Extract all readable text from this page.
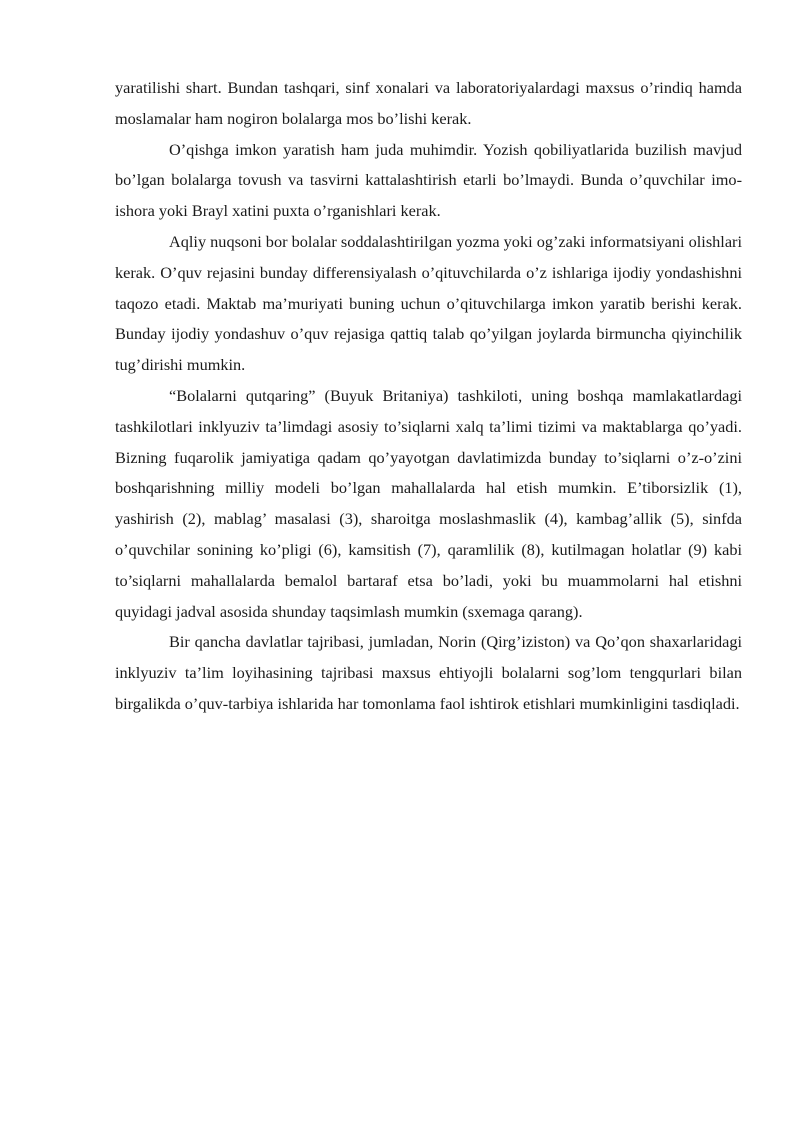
yaratilishi shart. Bundan tashqari, sinf xonalari va laboratoriyalardagi maxsus o’rindiq hamda moslamalar ham nogiron bolalarga mos bo’lishi kerak.

O’qishga imkon yaratish ham juda muhimdir. Yozish qobiliyatlarida buzilish mavjud bo’lgan bolalarga tovush va tasvirni kattalashtirish etarli bo’lmaydi. Bunda o’quvchilar imo-ishora yoki Brayl xatini puxta o’rganishlari kerak.

Aqliy nuqsoni bor bolalar soddalashtirilgan yozma yoki og’zaki informatsiyani olishlari kerak. O’quv rejasini bunday differensiyalash o’qituvchilarda o’z ishlariga ijodiy yondashishni taqozo etadi. Maktab ma’muriyati buning uchun o’qituvchilarga imkon yaratib berishi kerak. Bunday ijodiy yondashuv o’quv rejasiga qattiq talab qo’yilgan joylarda birmuncha qiyinchilik tug’dirishi mumkin.

“Bolalarni qutqaring” (Buyuk Britaniya) tashkiloti, uning boshqa mamlakatlardagi tashkilotlari inklyuziv ta’limdagi asosiy to’siqlarni xalq ta’limi tizimi va maktablarga qo’yadi. Bizning fuqarolik jamiyatiga qadam qo’yayotgan davlatimizda bunday to’siqlarni o’z-o’zini boshqarishning milliy modeli bo’lgan mahallalarda hal etish mumkin. E’tiborsizlik (1), yashirish (2), mablag’ masalasi (3), sharoitga moslashmaslik (4), kambag’allik (5), sinfda o’quvchilar sonining ko’pligi (6), kamsitish (7), qaramlilik (8), kutilmagan holatlar (9) kabi to’siqlarni mahallalarda bemalol bartaraf etsa bo’ladi, yoki bu muammolarni hal etishni quyidagi jadval asosida shunday taqsimlash mumkin (sxemaga qarang).

Bir qancha davlatlar tajribasi, jumladan, Norin (Qirg’iziston) va Qo’qon shaxarlaridagi inklyuziv ta’lim loyihasining tajribasi maxsus ehtiyojli bolalarni sog’lom tengqurlari bilan birgalikda o’quv-tarbiya ishlarida har tomonlama faol ishtirok etishlari mumkinligini tasdiqladi.
